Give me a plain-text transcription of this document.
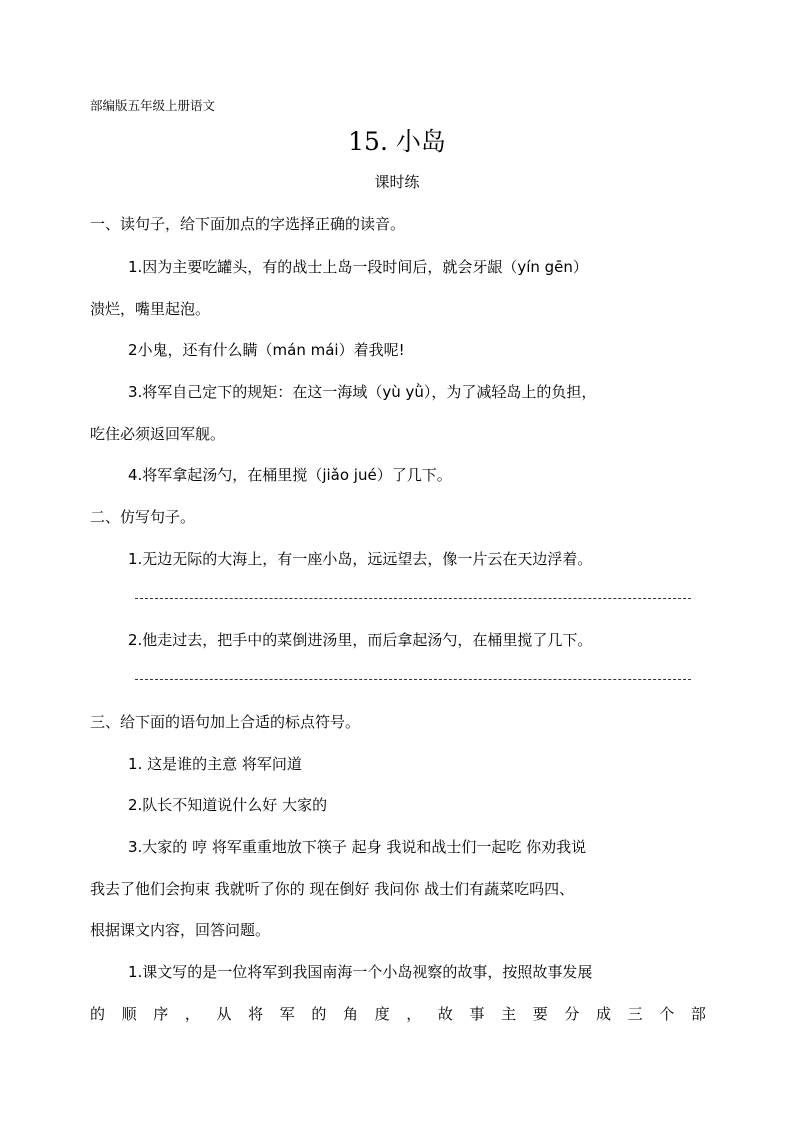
部编版五年级上册语文
15. 小岛
课时练
一、读句子，给下面加点的字选择正确的读音。
1.因为主要吃罐头，有的战士上岛一段时间后，就会牙龈（yín gēn）
溃烂，嘴里起泡。
2小鬼，还有什么瞒（mán mái）着我呢!
3.将军自己定下的规矩：在这一海域（yù yǜ），为了减轻岛上的负担，
吃住必须返回军舰。
4.将军拿起汤勺，在桶里搅（jiǎo jué）了几下。
二、仿写句子。
1.无边无际的大海上，有一座小岛，远远望去，像一片云在天边浮着。
2.他走过去，把手中的菜倒进汤里，而后拿起汤勺，在桶里搅了几下。
三、给下面的语句加上合适的标点符号。
1. 这是谁的主意 将军问道
2.队长不知道说什么好 大家的
3.大家的 哼 将军重重地放下筷子 起身 我说和战士们一起吃 你劝我说
我去了他们会拘束 我就听了你的 现在倒好 我问你 战士们有蔬菜吃吗四、
根据课文内容，回答问题。
1.课文写的是一位将军到我国南海一个小岛视察的故事，按照故事发展
的 顺 序 ， 从 将 军 的 角 度 ， 故 事 主 要 分 成 三 个 部
